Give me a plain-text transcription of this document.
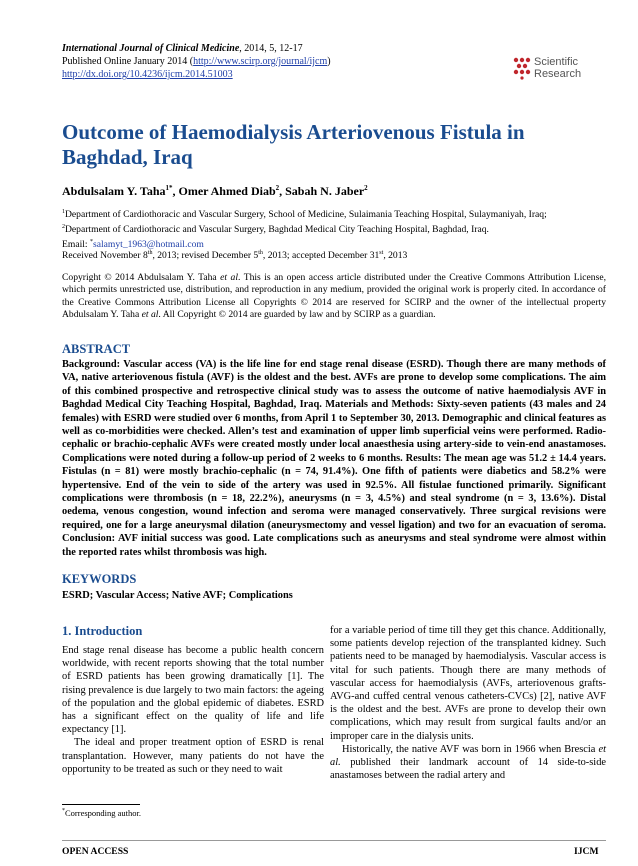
International Journal of Clinical Medicine, 2014, 5, 12-17
Published Online January 2014 (http://www.scirp.org/journal/ijcm)
http://dx.doi.org/10.4236/ijcm.2014.51003
Scientific
Research
Outcome of Haemodialysis Arteriovenous Fistula in Baghdad, Iraq
Abdulsalam Y. Taha$^{1*}$, Omer Ahmed Diab$^2$, Sabah N. Jaber$^2$
$^1$Department of Cardiothoracic and Vascular Surgery, School of Medicine, Sulaimania Teaching Hospital, Sulaymaniyah, Iraq;
$^2$Department of Cardiothoracic and Vascular Surgery, Baghdad Medical City Teaching Hospital, Baghdad, Iraq.
Email: *salamyt_1963@hotmail.com
Received November 8th, 2013; revised December 5th, 2013; accepted December 31st, 2013
Copyright © 2014 Abdulsalam Y. Taha et al. This is an open access article distributed under the Creative Commons Attribution License, which permits unrestricted use, distribution, and reproduction in any medium, provided the original work is properly cited. In accordance of the Creative Commons Attribution License all Copyrights © 2014 are reserved for SCIRP and the owner of the intellectual property Abdulsalam Y. Taha et al. All Copyright © 2014 are guarded by law and by SCIRP as a guardian.
ABSTRACT
Background: Vascular access (VA) is the life line for end stage renal disease (ESRD). Though there are many methods of VA, native arteriovenous fistula (AVF) is the oldest and the best. AVFs are prone to develop some complications. The aim of this combined prospective and retrospective clinical study was to assess the outcome of native haemodialysis AVF in Baghdad Medical City Teaching Hospital, Baghdad, Iraq. Materials and Methods: Sixty-seven patients (43 males and 24 females) with ESRD were studied over 6 months, from April 1 to September 30, 2013. Demographic and clinical features as well as co-morbidities were checked. Allen’s test and examination of upper limb superficial veins were performed. Radio-cephalic or brachio-cephalic AVFs were created mostly under local anaesthesia using artery-side to vein-end anastamoses. Complications were noted during a follow-up period of 2 weeks to 6 months. Results: The mean age was 51.2 ± 14.4 years. Fistulas (n = 81) were mostly brachio-cephalic (n = 74, 91.4%). One fifth of patients were diabetics and 58.2% were hypertensive. End of the vein to side of the artery was used in 92.5%. All fistulae functioned primarily. Significant complications were thrombosis (n = 18, 22.2%), aneurysms (n = 3, 4.5%) and steal syndrome (n = 3, 13.6%). Distal oedema, venous congestion, wound infection and seroma were managed conservatively. Three surgical revisions were required, one for a large aneurysmal dilation (aneurysmectomy and vessel ligation) and two for an evacuation of seroma. Conclusion: AVF initial success was good. Late complications such as aneurysms and steal syndrome were almost within the reported rates whilst thrombosis was high.
KEYWORDS
ESRD; Vascular Access; Native AVF; Complications
1. Introduction

End stage renal disease has become a public health concern worldwide, with recent reports showing that the total number of ESRD patients has been growing dramatically [1]. The rising prevalence is due largely to two main factors: the ageing of the population and the global epidemic of diabetes. ESRD has a significant effect on the quality of life and life expectancy [1].

The ideal and proper treatment option of ESRD is renal transplantation. However, many patients do not have the opportunity to be treated as such or they need to wait

for a variable period of time till they get this chance. Additionally, some patients develop rejection of the transplanted kidney. Such patients need to be managed by haemodialysis. Vascular access is vital for such patients. Though there are many methods of vascular access for haemodialysis (AVFs, arteriovenous grafts-AVG-and cuffed central venous catheters-CVCs) [2], native AVF is the oldest and the best. AVFs are prone to develop their own complications, which may result from surgical faults and/or an improper care in the dialysis units.

Historically, the native AVF was born in 1966 when Brescia et al. published their landmark account of 14 side-to-side anastamoses between the radial artery and

*Corresponding author.
OPEN ACCESS	IJCM
